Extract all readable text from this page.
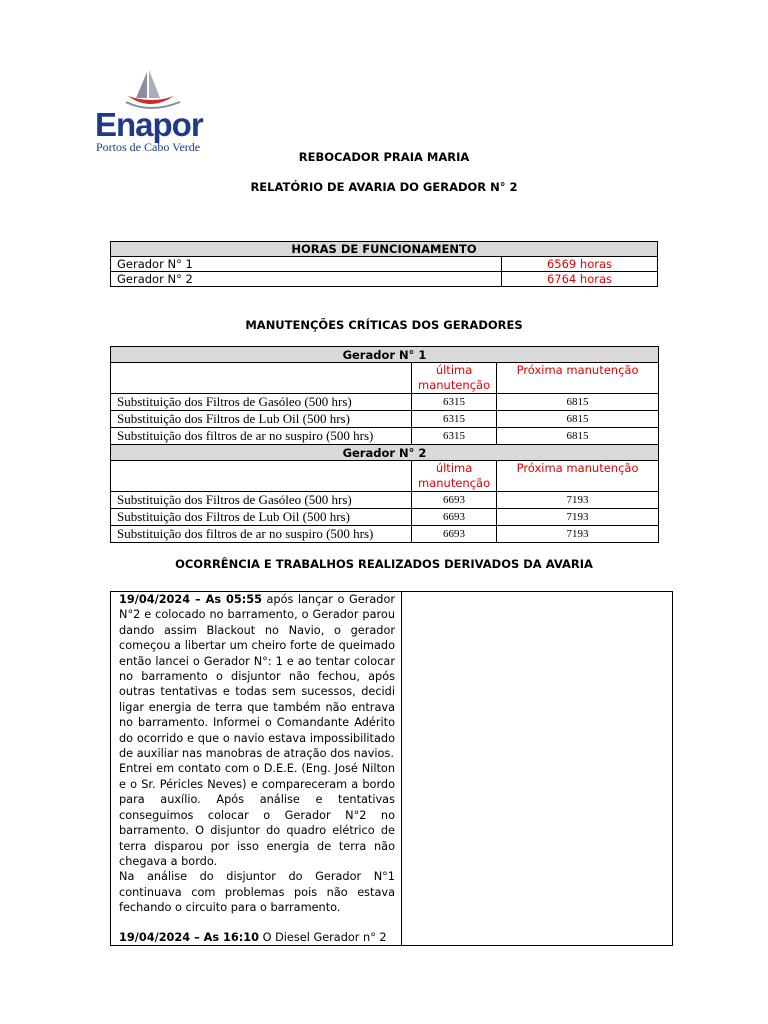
Enapor
Portos de Cabo Verde
REBOCADOR PRAIA MARIA
RELATÓRIO DE AVARIA DO GERADOR N° 2
HORAS DE FUNCIONAMENTO	
Gerador N° 1	6569 horas
Gerador N° 2	6764 horas
MANUTENÇÕES CRÍTICAS DOS GERADORES
Gerador N° 1		
	última manutenção	Próxima manutenção
Substituição dos Filtros de Gasóleo (500 hrs)	6315	6815
Substituição dos Filtros de Lub Oil (500 hrs)	6315	6815
Substituição dos filtros de ar no suspiro (500 hrs)	6315	6815
Gerador N° 2		
	última manutenção	Próxima manutenção
Substituição dos Filtros de Gasóleo (500 hrs)	6693	7193
Substituição dos Filtros de Lub Oil (500 hrs)	6693	7193
Substituição dos filtros de ar no suspiro (500 hrs)	6693	7193
OCORRÊNCIA E TRABALHOS REALIZADOS DERIVADOS DA AVARIA

19/04/2024 – As 05:55 após lançar o Gerador N°2 e colocado no barramento, o Gerador parou dando assim Blackout no Navio, o gerador começou a libertar um cheiro forte de queimado então lancei o Gerador N°: 1 e ao tentar colocar no barramento o disjuntor não fechou, após outras tentativas e todas sem sucessos, decidi ligar energia de terra que também não entrava no barramento. Informei o Comandante Adérito do ocorrido e que o navio estava impossibilitado de auxiliar nas manobras de atração dos navios.

Entrei em contato com o D.E.E. (Eng. José Nilton e o Sr. Péricles Neves) e compareceram a bordo para auxílio. Após análise e tentativas conseguimos colocar o Gerador N°2 no barramento. O disjuntor do quadro elétrico de terra disparou por isso energia de terra não chegava a bordo.

Na análise do disjuntor do Gerador N°1 continuava com problemas pois não estava fechando o circuito para o barramento.

19/04/2024 – As 16:10 O Diesel Gerador n° 2
